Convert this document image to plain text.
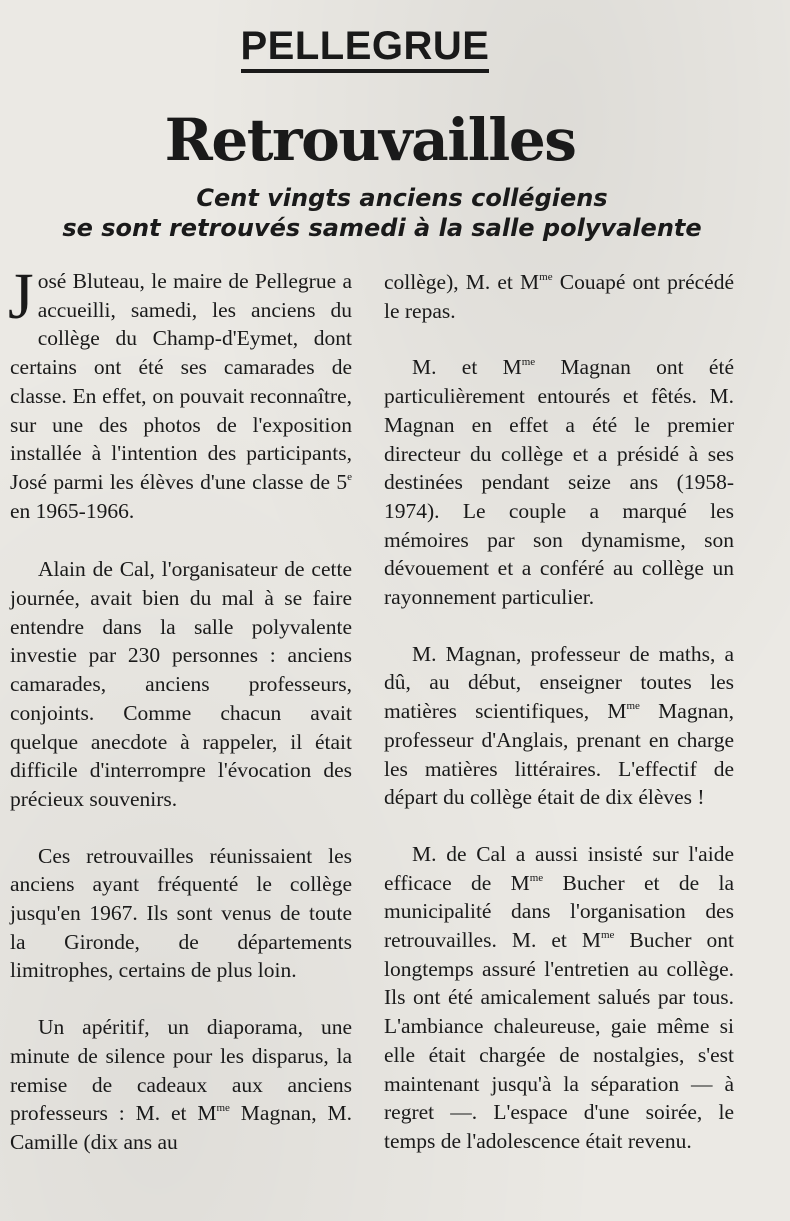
PELLEGRUE
Retrouvailles
Cent vingts anciens collégiens
se sont retrouvés samedi à la salle polyvalente

José Bluteau, le maire de Pellegrue a accueilli, samedi, les anciens du collège du Champ-d'Eymet, dont certains ont été ses camarades de classe. En effet, on pouvait reconnaître, sur une des photos de l'exposition installée à l'intention des participants, José parmi les élèves d'une classe de 5e en 1965-1966.

Alain de Cal, l'organisateur de cette journée, avait bien du mal à se faire entendre dans la salle polyvalente investie par 230 personnes : anciens camarades, anciens professeurs, conjoints. Comme chacun avait quelque anecdote à rappeler, il était difficile d'interrompre l'évocation des précieux souvenirs.

Ces retrouvailles réunissaient les anciens ayant fréquenté le collège jusqu'en 1967. Ils sont venus de toute la Gironde, de départements limitrophes, certains de plus loin.

Un apéritif, un diaporama, une minute de silence pour les disparus, la remise de cadeaux aux anciens professeurs : M. et $M^{me}$ Magnan, M. Camille (dix ans au

collège), M. et $M^{me}$ Couapé ont précédé le repas.

M. et $M^{me}$ Magnan ont été particulièrement entourés et fêtés. M. Magnan en effet a été le premier directeur du collège et a présidé à ses destinées pendant seize ans (1958-1974). Le couple a marqué les mémoires par son dynamisme, son dévouement et a conféré au collège un rayonnement particulier.

M. Magnan, professeur de maths, a dû, au début, enseigner toutes les matières scientifiques, $M^{me}$ Magnan, professeur d'Anglais, prenant en charge les matières littéraires. L'effectif de départ du collège était de dix élèves !

M. de Cal a aussi insisté sur l'aide efficace de $M^{me}$ Bucher et de la municipalité dans l'organisation des retrouvailles. M. et $M^{me}$ Bucher ont longtemps assuré l'entretien au collège. Ils ont été amicalement salués par tous. L'ambiance chaleureuse, gaie même si elle était chargée de nostalgies, s'est maintenant jusqu'à la séparation — à regret —. L'espace d'une soirée, le temps de l'adolescence était revenu.
